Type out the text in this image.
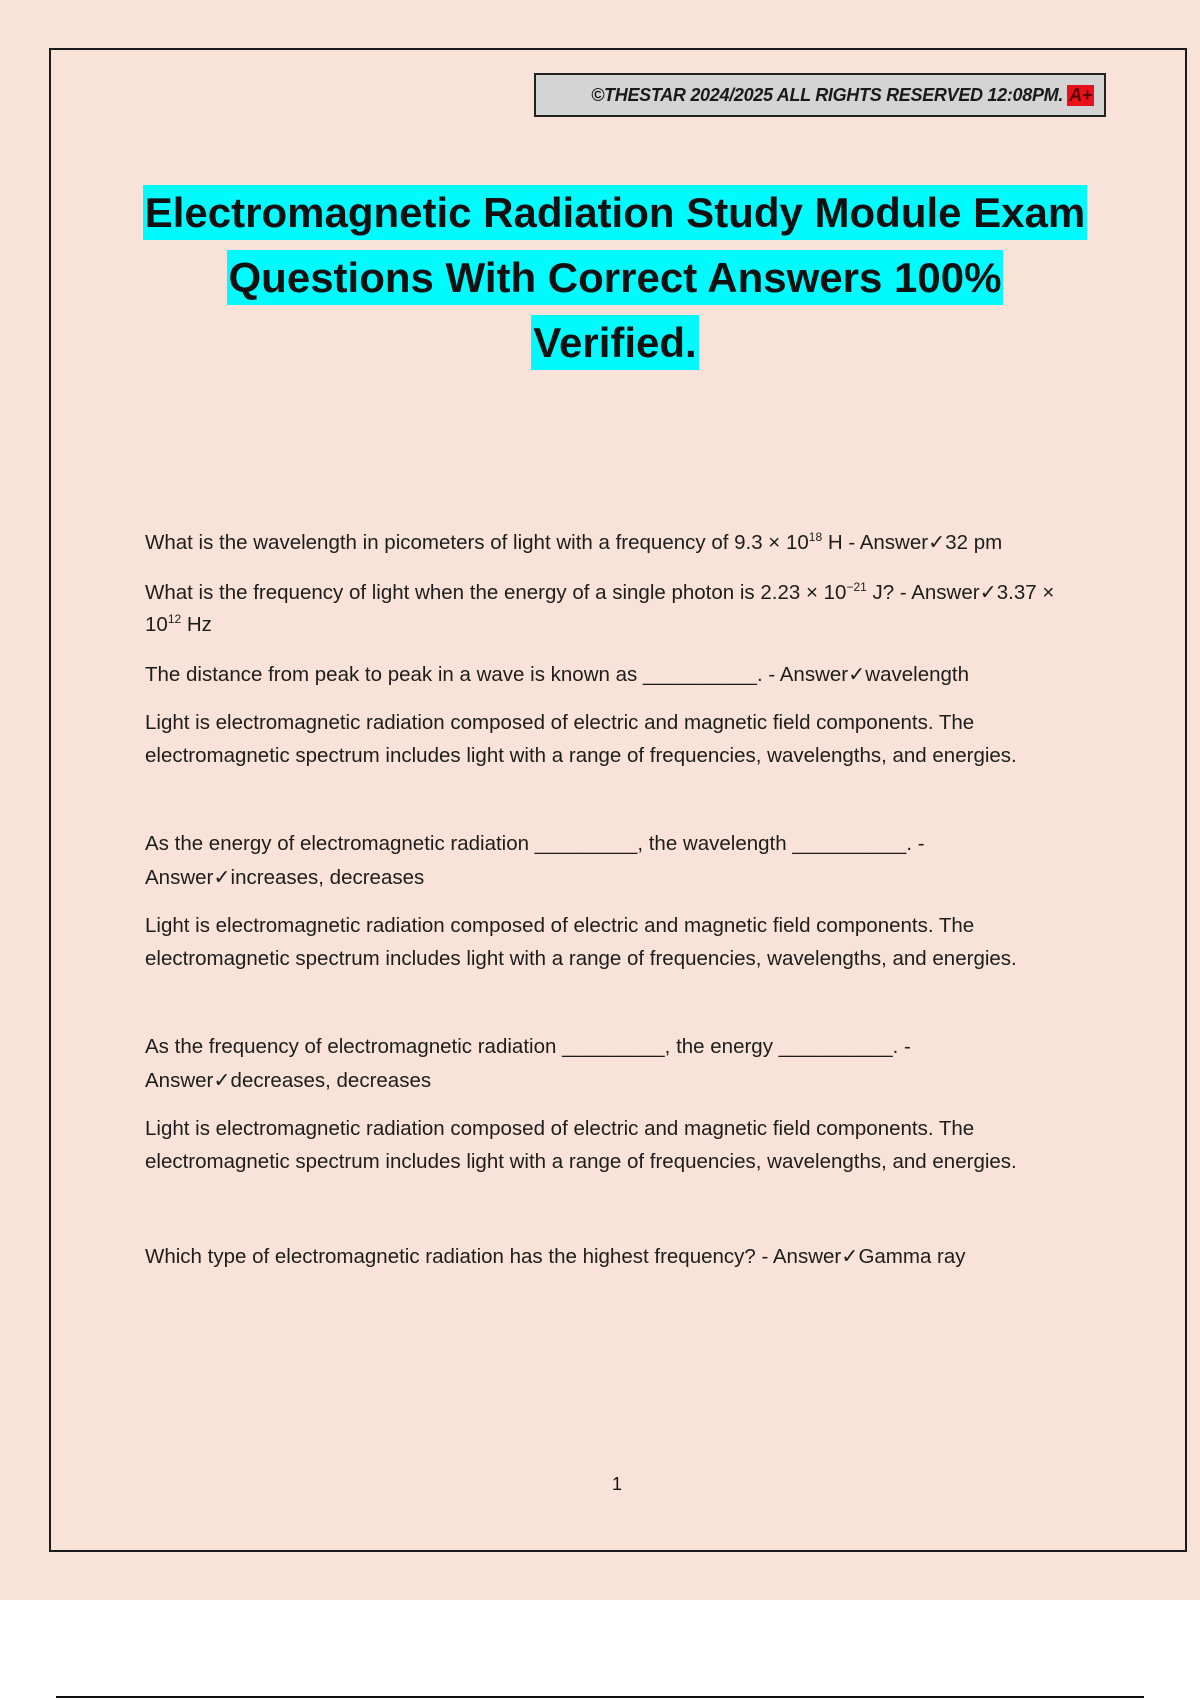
©THESTAR 2024/2025 ALL RIGHTS RESERVED 12:08PM. A+
Electromagnetic Radiation Study Module Exam
Questions With Correct Answers 100%
Verified.

What is the wavelength in picometers of light with a frequency of $9.3 \times 10^{18}$ H - Answer✓32 pm

What is the frequency of light when the energy of a single photon is $2.23 \times 10^{-21}$ J? - Answer✓3.37 × $10^{12}$ Hz

The distance from peak to peak in a wave is known as __________. - Answer✓wavelength

Light is electromagnetic radiation composed of electric and magnetic field components. The electromagnetic spectrum includes light with a range of frequencies, wavelengths, and energies.

As the energy of electromagnetic radiation _________, the wavelength __________. - Answer✓increases, decreases

Light is electromagnetic radiation composed of electric and magnetic field components. The electromagnetic spectrum includes light with a range of frequencies, wavelengths, and energies.

As the frequency of electromagnetic radiation _________, the energy __________. - Answer✓decreases, decreases

Light is electromagnetic radiation composed of electric and magnetic field components. The electromagnetic spectrum includes light with a range of frequencies, wavelengths, and energies.

Which type of electromagnetic radiation has the highest frequency? - Answer✓Gamma ray

1
